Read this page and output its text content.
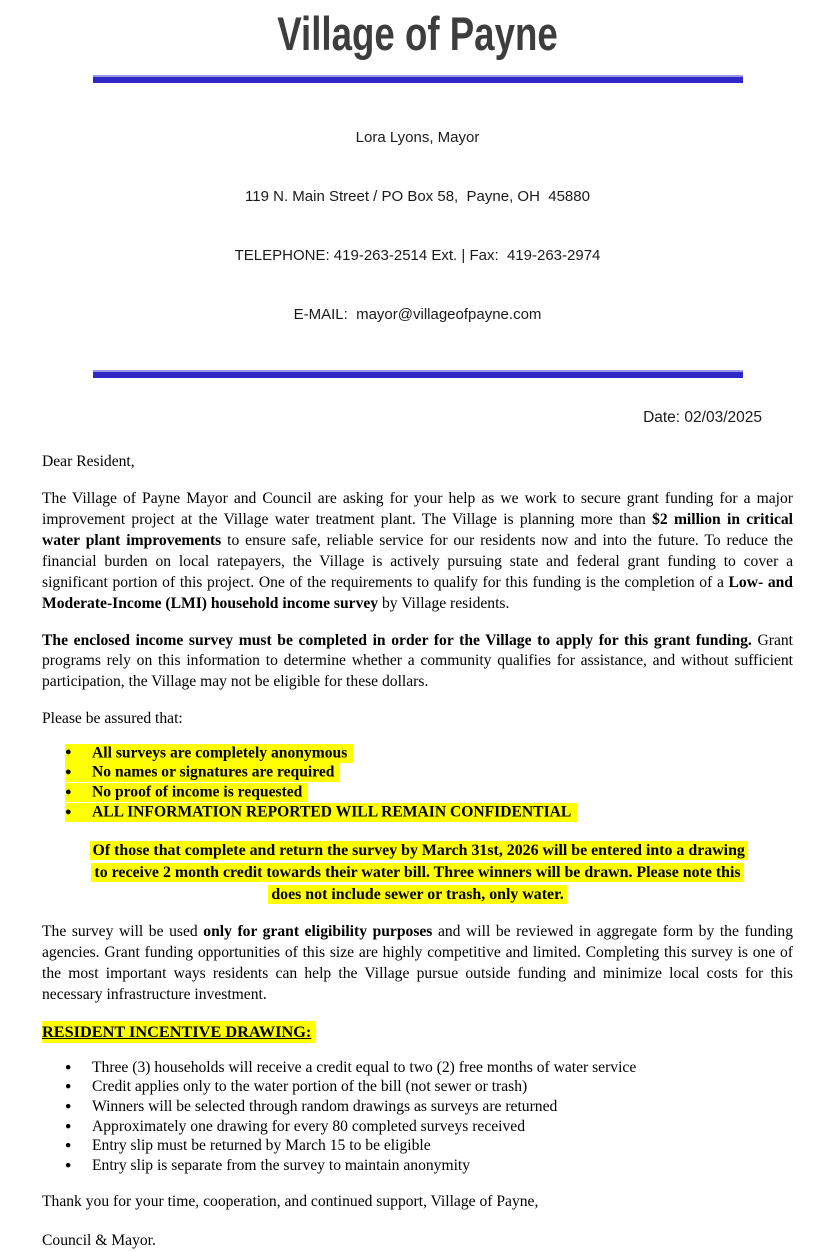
Village of Payne

Lora Lyons, Mayor

119 N. Main Street / PO Box 58,  Payne, OH  45880

TELEPHONE: 419-263-2514 Ext. | Fax:  419-263-2974

E-MAIL:  mayor@villageofpayne.com

Date: 02/03/2025
Dear Resident,
The Village of Payne Mayor and Council are asking for your help as we work to secure grant funding for a major improvement project at the Village water treatment plant. The Village is planning more than $2 million in critical water plant improvements to ensure safe, reliable service for our residents now and into the future. To reduce the financial burden on local ratepayers, the Village is actively pursuing state and federal grant funding to cover a significant portion of this project. One of the requirements to qualify for this funding is the completion of a Low- and Moderate-Income (LMI) household income survey by Village residents.
The enclosed income survey must be completed in order for the Village to apply for this grant funding. Grant programs rely on this information to determine whether a community qualifies for assistance, and without sufficient participation, the Village may not be eligible for these dollars.
Please be assured that:
● All surveys are completely anonymous
● No names or signatures are required
● No proof of income is requested
● ALL INFORMATION REPORTED WILL REMAIN CONFIDENTIAL
Of those that complete and return the survey by March 31st, 2026 will be entered into a drawing to receive 2 month credit towards their water bill. Three winners will be drawn. Please note this does not include sewer or trash, only water.
The survey will be used only for grant eligibility purposes and will be reviewed in aggregate form by the funding agencies. Grant funding opportunities of this size are highly competitive and limited. Completing this survey is one of the most important ways residents can help the Village pursue outside funding and minimize local costs for this necessary infrastructure investment.
RESIDENT INCENTIVE DRAWING:
● Three (3) households will receive a credit equal to two (2) free months of water service
● Credit applies only to the water portion of the bill (not sewer or trash)
● Winners will be selected through random drawings as surveys are returned
● Approximately one drawing for every 80 completed surveys received
● Entry slip must be returned by March 15 to be eligible
● Entry slip is separate from the survey to maintain anonymity
Thank you for your time, cooperation, and continued support, Village of Payne,
Council & Mayor.
